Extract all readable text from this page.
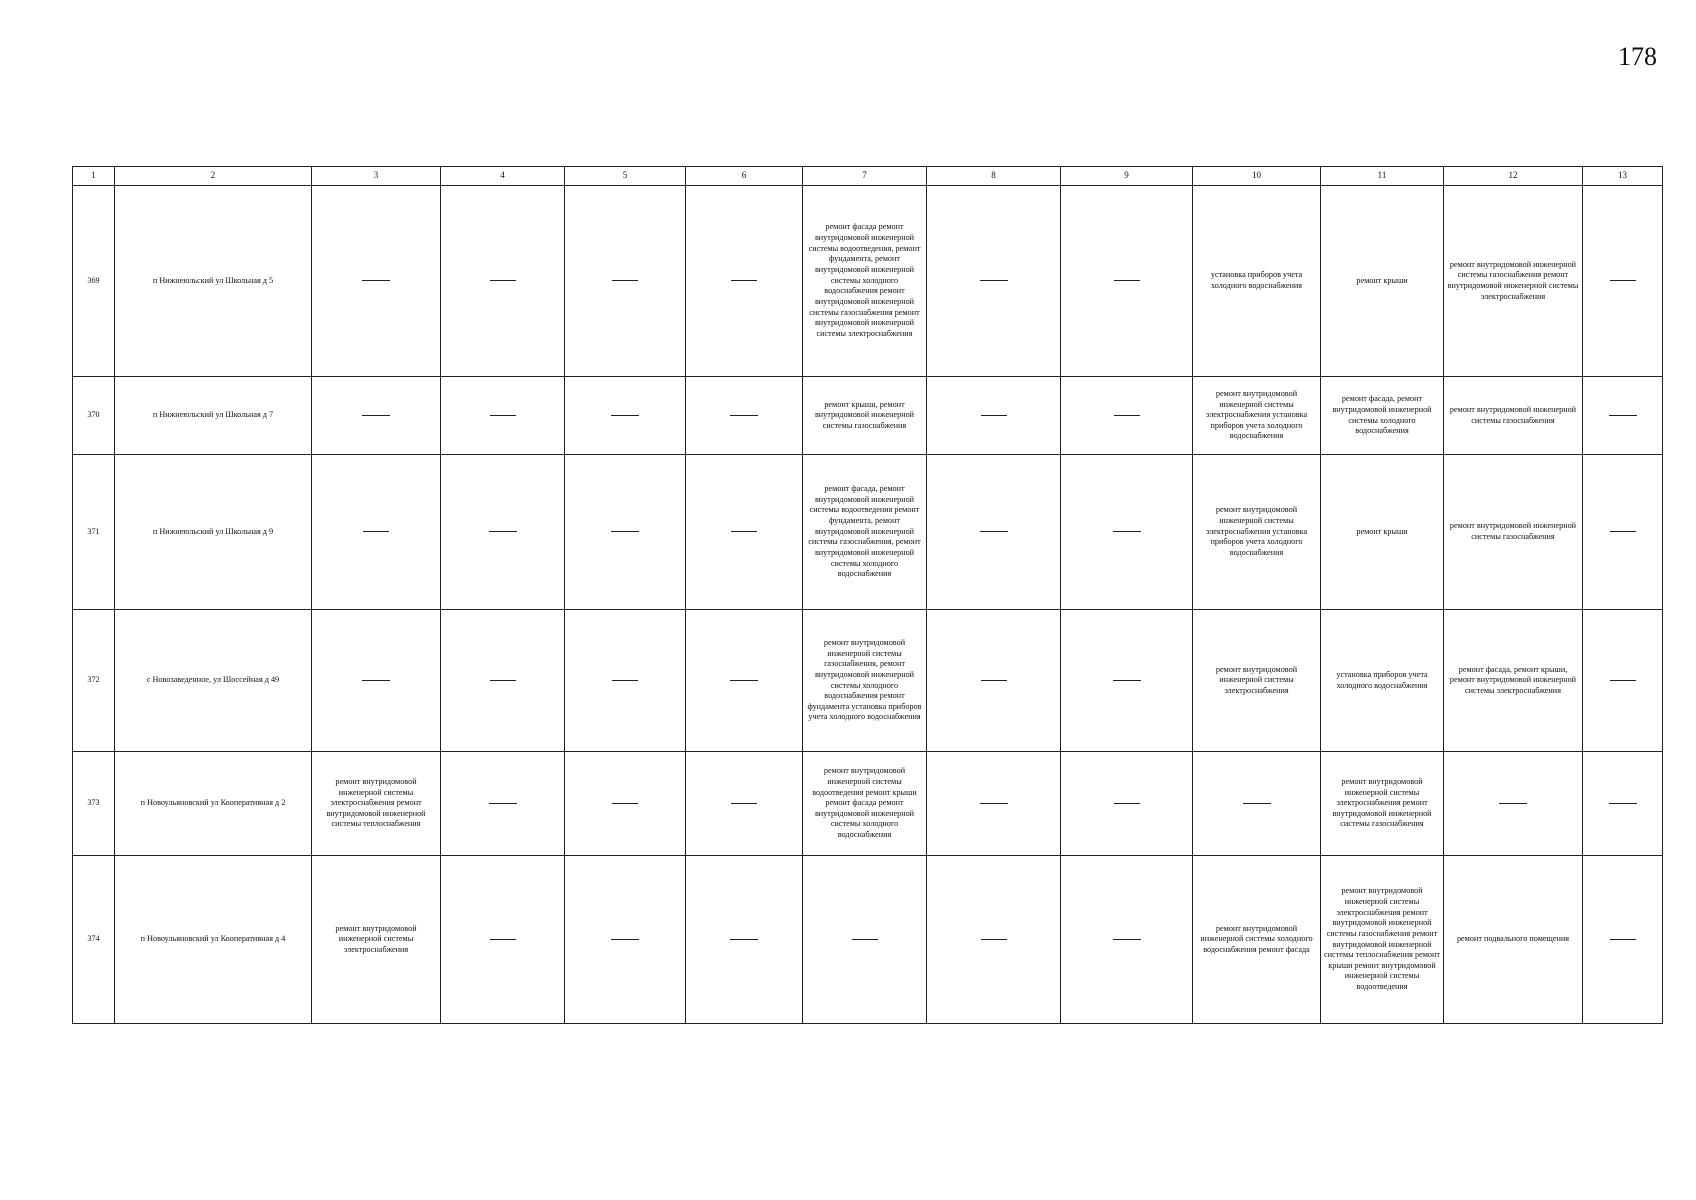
178
1	2	3	4	5	6	7	8	9	10	11	12	13
369	п Нижнеюльский ул Школьная д 5					ремонт фасада ремонт внутридомовой инженерной системы водоотведения, ремонт фундамента, ремонт внутридомовой инженерной системы холодного водоснабжения ремонт внутридомовой инженерной системы газоснабжения ремонт внутридомовой инженерной системы электроснабжения			установка приборов учета холодного водоснабжения	ремонт крыши	ремонт внутридомовой инженерной системы газоснабжения ремонт внутридомовой инженерной системы электроснабжения	
370	п Нижнеюльский ул Школьная д 7					ремонт крыши, ремонт внутридомовой инженерной системы газоснабжения			ремонт внутридомовой инженерной системы электроснабжения установка приборов учета холодного водоснабжения	ремонт фасада, ремонт внутридомовой инженерной системы холодного водоснабжения	ремонт внутридомовой инженерной системы газоснабжения	
371	п Нижнеюльский ул Школьная д 9					ремонт фасада, ремонт внутридомовой инженерной системы водоотведения ремонт фундамента, ремонт внутридомовой инженерной системы газоснабжения, ремонт внутридомовой инженерной системы холодного водоснабжения			ремонт внутридомовой инженерной системы электроснабжения установка приборов учета холодного водоснабжения	ремонт крыши	ремонт внутридомовой инженерной системы газоснабжения	
372	с Новозаведенное, ул Шоссейная д 49					ремонт внутридомовой инженерной системы газоснабжения, ремонт внутридомовой инженерной системы холодного водоснабжения ремонт фундамента установка приборов учета холодного водоснабжения			ремонт внутридомовой инженерной системы электроснабжения	установка приборов учета холодного водоснабжения	ремонт фасада, ремонт крыши, ремонт внутридомовой инженерной системы электроснабжения	
373	п Новоульяновский ул Кооперативная д 2	ремонт внутридомовой инженерной системы электроснабжения ремонт внутридомовой инженерной системы теплоснабжения				ремонт внутридомовой инженерной системы водоотведения ремонт крыши ремонт фасада ремонт внутридомовой инженерной системы холодного водоснабжения				ремонт внутридомовой инженерной системы электроснабжения ремонт внутридомовой инженерной системы газоснабжения		
374	п Новоульяновский ул Кооперативная д 4	ремонт внутридомовой инженерной системы электроснабжения							ремонт внутридомовой инженерной системы холодного водоснабжения ремонт фасада	ремонт внутридомовой инженерной системы электроснабжения ремонт внутридомовой инженерной системы газоснабжения ремонт внутридомовой инженерной системы теплоснабжения ремонт крыши ремонт внутридомовой инженерной системы водоотведения	ремонт подвального помещения	
